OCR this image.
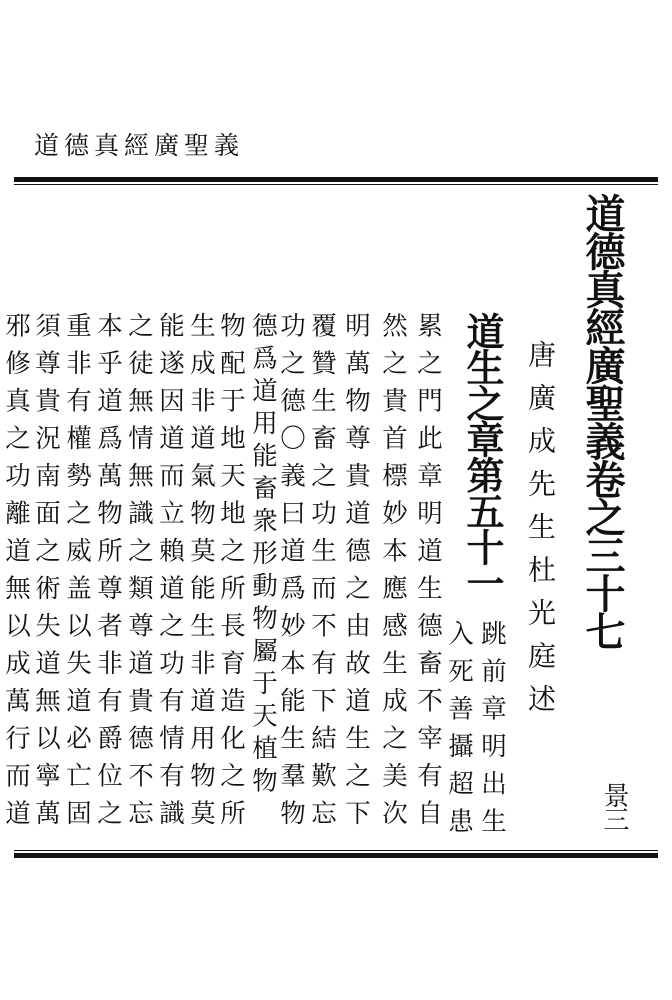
道德真經廣聖義
道德真經廣聖義卷之三十七
唐廣成先生杜光庭述
道生之章第五十一
跳前章明出生
入死善攝超患
累之門此章明道生德畜不宰有自
然之貴首標妙本應感生成之美次
明萬物尊貴道德之由故道生之下
覆贊生畜之功生而不有下結歎忘
功之德〇義曰道爲妙本能生羣物
德爲道用能畜衆形動物屬于天植物
物配于地天地之所長育造化之所
生成非道氣物莫能生非道用物莫
能遂因道而立賴道之功有情有識
之徒無情無識之類尊道貴德不忘
本乎道爲萬物所尊者非有爵位之
重非有權勢之威盖以失道必亡固
須尊貴況南面之術失道無以寧萬
邪修真之功離道無以成萬行而道	景三
